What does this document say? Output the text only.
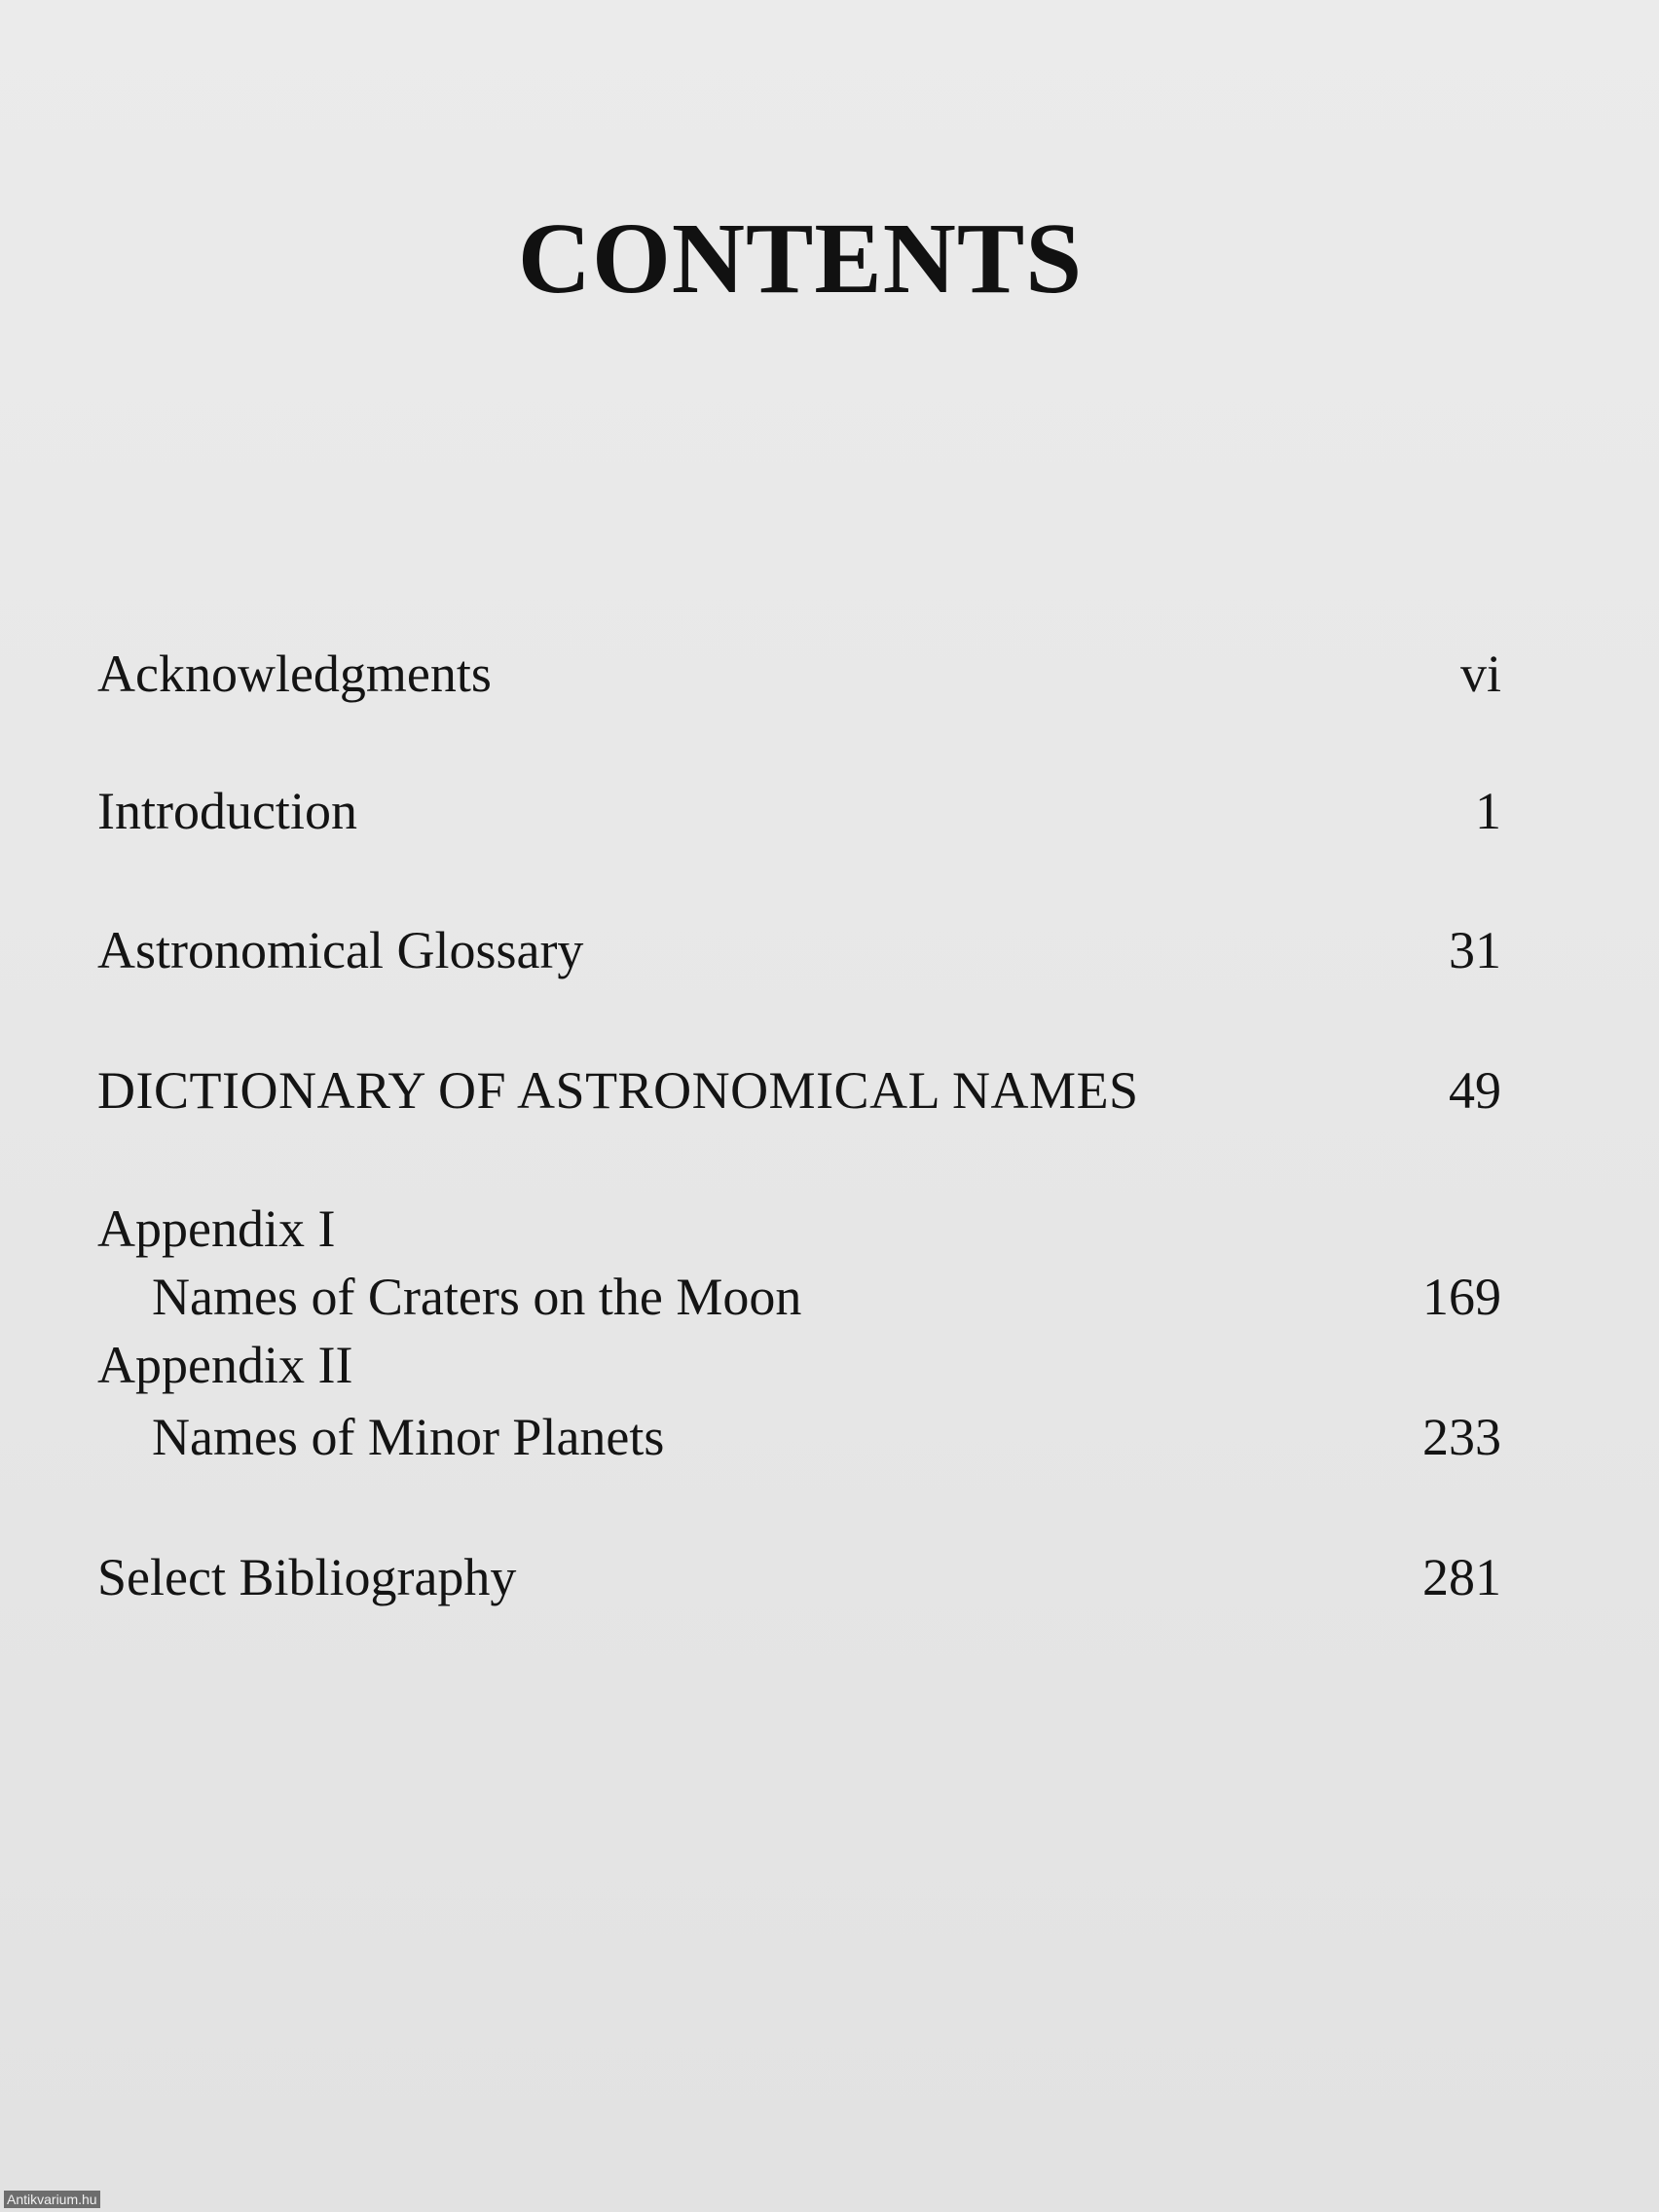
CONTENTS
Acknowledgments	vi
Introduction	1
Astronomical Glossary	31
DICTIONARY OF ASTRONOMICAL NAMES	49
Appendix I
Names of Craters on the Moon	169
Appendix II
Names of Minor Planets	233
Select Bibliography	281
Antikvarium.hu
